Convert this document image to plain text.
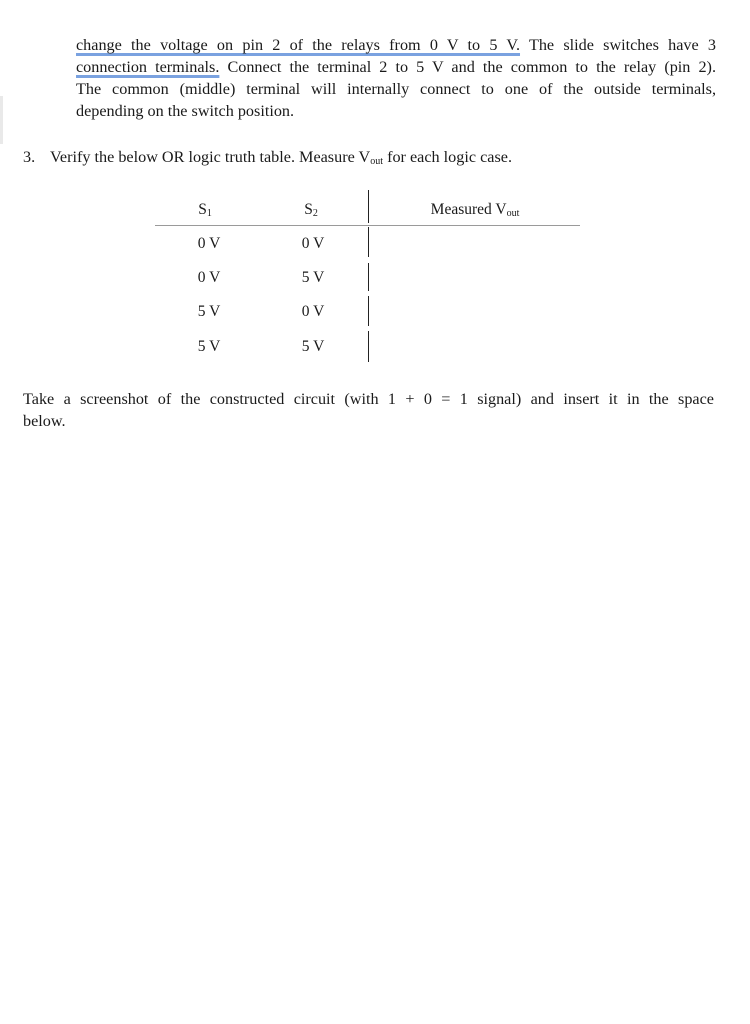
change the voltage on pin 2 of the relays from 0 V to 5 V. The slide switches have 3
connection terminals. Connect the terminal 2 to 5 V and the common to the relay (pin 2).
The common (middle) terminal will internally connect to one of the outside terminals,
depending on the switch position.
3. Verify the below OR logic truth table. Measure $V_{out}$ for each logic case.
$S_1$	$S_2$	Measured $V_{out}$
0 V	0 V
0 V	5 V
5 V	0 V
5 V	5 V
Take a screenshot of the constructed circuit (with 1 + 0 = 1 signal) and insert it in the space
below.
